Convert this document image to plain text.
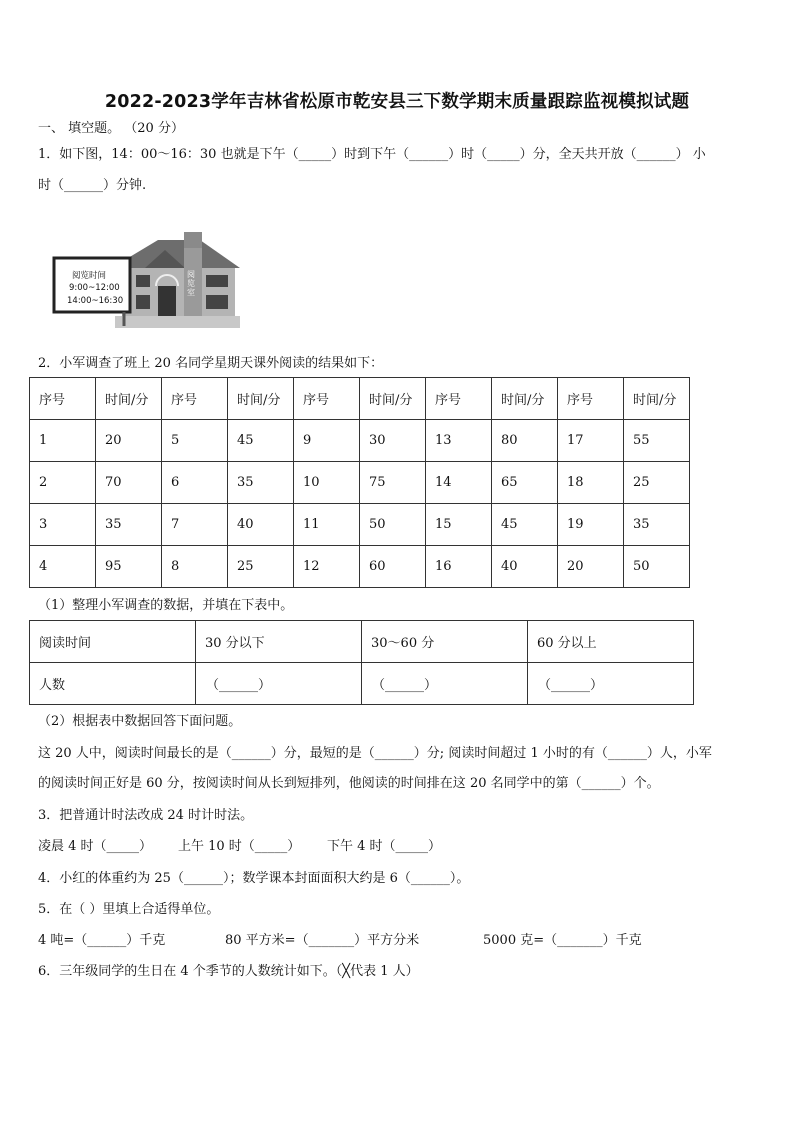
2022-2023学年吉林省松原市乾安县三下数学期末质量跟踪监视模拟试题
一、 填空题。 （20 分）
1．如下图，14：00～16：30 也就是下午（_____）时到下午（______）时（_____）分，全天共开放（______） 小
时（______）分钟.
阅览时间
9:00~12:00
14:00~16:30
阅览室
2．小军调查了班上 20 名同学星期天课外阅读的结果如下：
序号	时间/分	序号	时间/分	序号	时间/分	序号	时间/分	序号	时间/分
1	20	5	45	9	30	13	80	17	55
2	70	6	35	10	75	14	65	18	25
3	35	7	40	11	50	15	45	19	35
4	95	8	25	12	60	16	40	20	50
（1）整理小军调查的数据，并填在下表中。
阅读时间	30 分以下	30～60 分	60 分以上
人数	（______）	（______）	（______）
（2）根据表中数据回答下面问题。
这 20 人中，阅读时间最长的是（______）分，最短的是（______）分; 阅读时间超过 1 小时的有（______）人，小军
的阅读时间正好是 60 分，按阅读时间从长到短排列，他阅读的时间排在这 20 名同学中的第（______）个。
3．把普通计时法改成 24 时计时法。
凌晨 4 时（_____） 上午 10 时（_____） 下午 4 时（_____）
4．小红的体重约为 25（______）；数学课本封面面积大约是 6（______）。
5．在（ ）里填上合适得单位。
4 吨=（______）千克	80 平方米=（_______）平方分米	5000 克=（_______）千克
6．三年级同学的生日在 4 个季节的人数统计如下。（╳代表 1 人）
